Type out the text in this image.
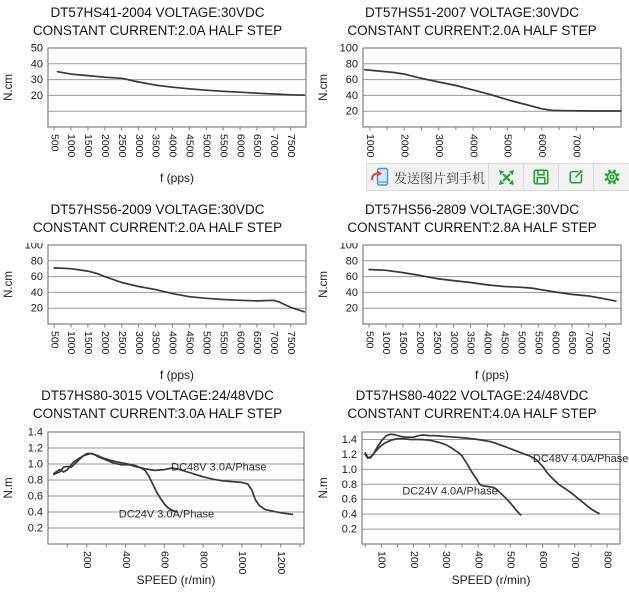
DT57HS41-2004 VOLTAGE:30VDC
CONSTANT CURRENT:2.0A HALF STEP
20
30
40
50
500 1000 1500 2000 2500 3000 3500 4000 4500 5000 5500 6000 6500 7000 7500
N.cm
f (pps)
DT57HS51-2007 VOLTAGE:30VDC
CONSTANT CURRENT:2.0A HALF STEP
20
40
60
80
100
1000 2000 3000 4000 5000 6000 7000
N.cm
DT57HS56-2009 VOLTAGE:30VDC
CONSTANT CURRENT:2.0A HALF STEP
20
40
60
80
100
500 1000 1500 2000 2500 3000 3500 4000 4500 5000 5500 6000 6500 7000 7500
N.cm
f (pps)
DT57HS56-2809 VOLTAGE:30VDC
CONSTANT CURRENT:2.8A HALF STEP
20
40
60
80
100
500 1000 1500 2000 2500 3000 3500 4000 4500 5000 5500 6000 6500 7000 7500
N.cm
f (pps)
DT57HS80-3015 VOLTAGE:24/48VDC
CONSTANT CURRENT:3.0A HALF STEP
0.2
0.4
0.6
0.8
1.0
1.2
1.4
200	400	600	800	1000	1200
DC48V 3.0A/Phase
DC24V 3.0A/Phase
N.m
SPEED (r/min)
DT57HS80-4022 VOLTAGE:24/48VDC
CONSTANT CURRENT:4.0A HALF STEP
0.2
0.4
0.6
0.8
1.0
1.2
1.4
100 200 300 400 500 600 700 800
DC48V 4.0A/Phase
DC24V 4.0A/Phase
N.m
SPEED (r/min)
发送图片到手机
